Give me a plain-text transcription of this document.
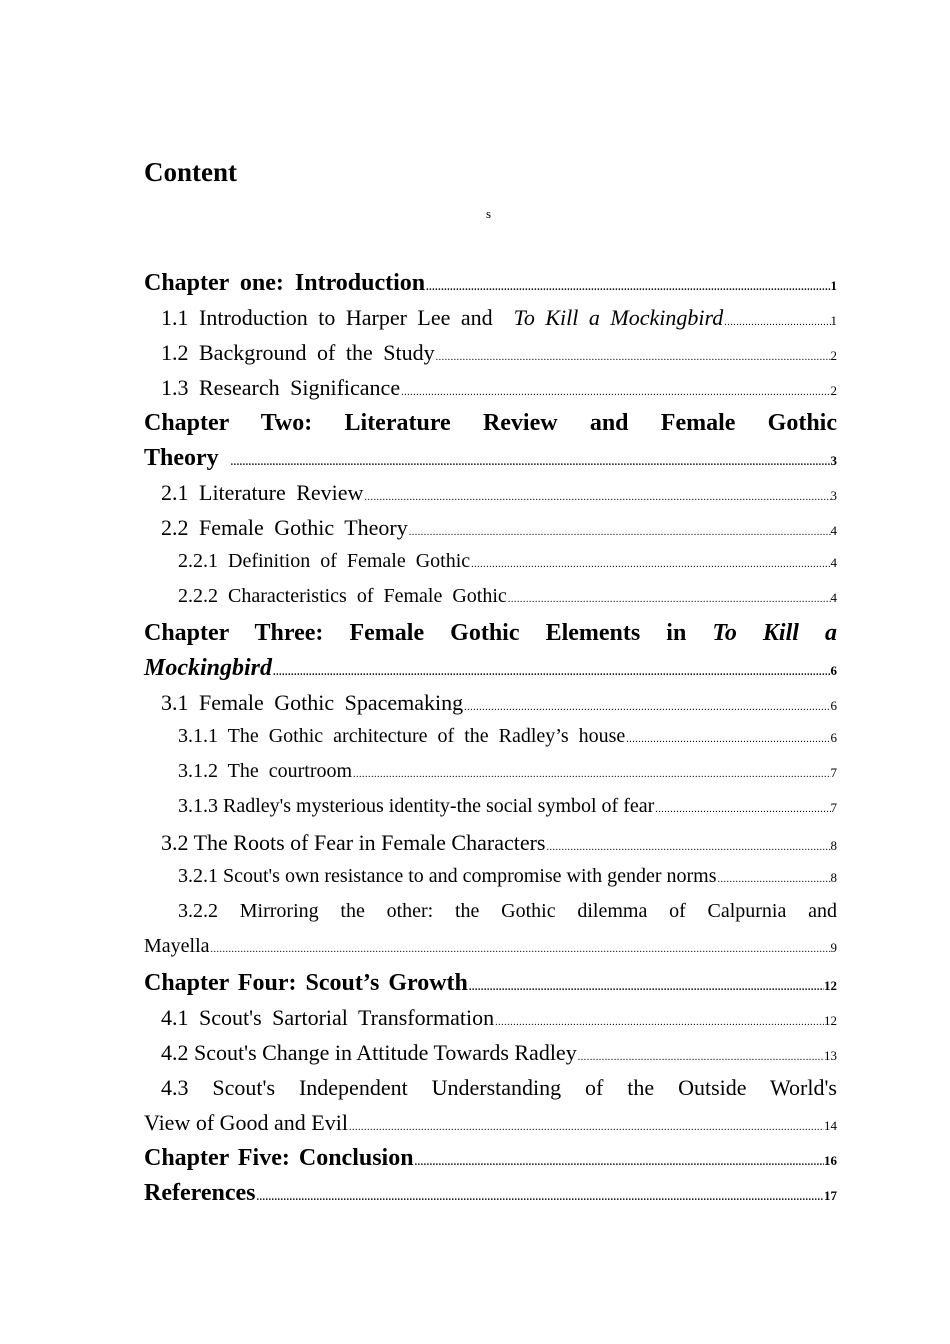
Content
s
Chapter one: Introduction .....	1
1.1 Introduction to Harper Lee and  To Kill a Mockingbird .....	1
1.2 Background of the Study .....	2
1.3 Research Significance .....	2
Chapter Two: Literature Review and Female Gothic
Theory .....	3
2.1 Literature Review .....	3
2.2 Female Gothic Theory .....	4
2.2.1 Definition of Female Gothic .....	4
2.2.2 Characteristics of Female Gothic .....	4
Chapter Three: Female Gothic Elements in To Kill a
Mockingbird .....	6
3.1 Female Gothic Spacemaking .....	6
3.1.1 The Gothic architecture of the Radley’s house .....	6
3.1.2 The courtroom .....	7
3.1.3 Radley's mysterious identity-the social symbol of fear .....	7
3.2 The Roots of Fear in Female Characters .....	8
3.2.1 Scout's own resistance to and compromise with gender norms .....	8
3.2.2 Mirroring the other: the Gothic dilemma of Calpurnia and
Mayella .....	9
Chapter Four: Scout’s Growth .....	12
4.1 Scout's Sartorial Transformation .....	12
4.2 Scout's Change in Attitude Towards Radley .....	13
4.3 Scout's Independent Understanding of the Outside World's
View of Good and Evil .....	14
Chapter Five: Conclusion .....	16
References .....	17
